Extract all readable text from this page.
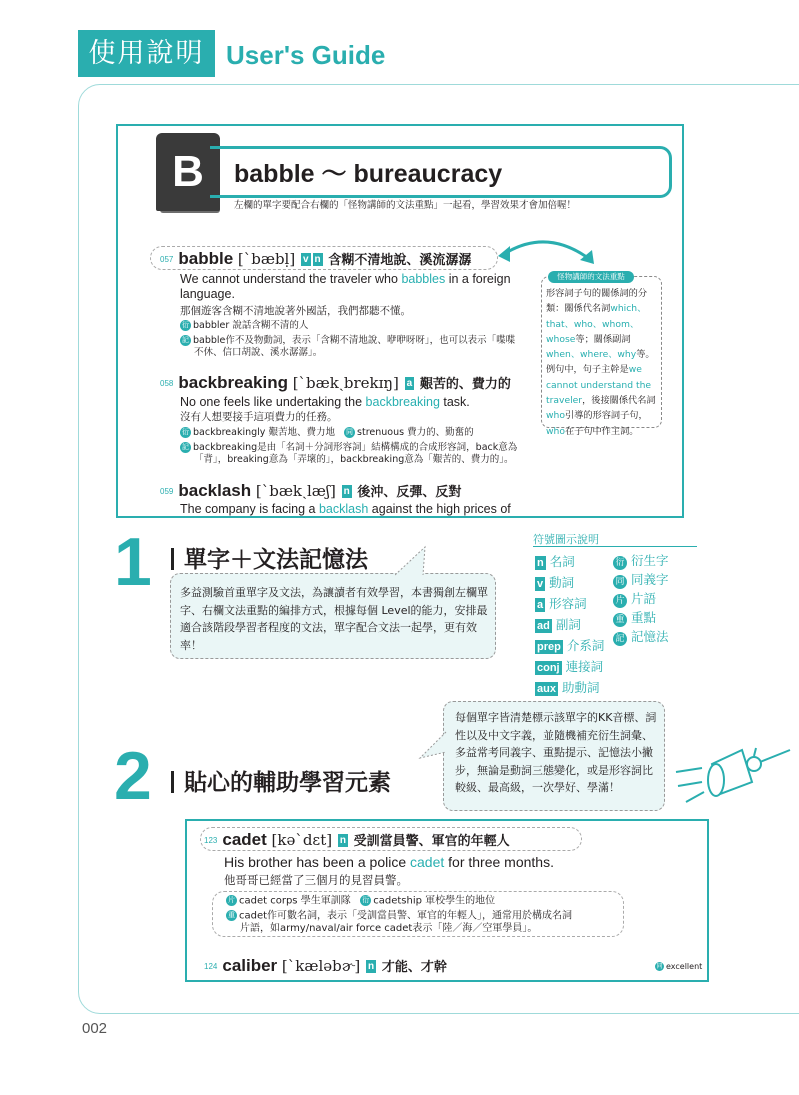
使用說明 User's Guide
B	babble ～ bureaucracy
左欄的單字要配合右欄的「怪物講師的文法重點」一起看，學習效果才會加倍喔！
057 babble [ˋbæbḷ] v n 含糊不清地說、溪流潺潺
We cannot understand the traveler who babbles in a foreign
language.
那個遊客含糊不清地說著外國話，我們都聽不懂。
衍 babbler 說話含糊不清的人
記 babble作不及物動詞，表示「含糊不清地說、咿咿呀呀」，也可以表示「喋喋
不休、信口胡說、溪水潺潺」。
058 backbreaking [ˋbækˏbrekɪŋ] a 艱苦的、費力的
No one feels like undertaking the backbreaking task.
沒有人想要接手這項費力的任務。
衍 backbreakingly 艱苦地、費力地 同 strenuous 費力的、勤奮的
記 backbreaking是由「名詞＋分詞形容詞」結構構成的合成形容詞，back意為
「背」，breaking意為「弄壞的」，backbreaking意為「艱苦的、費力的」。
059 backlash [ˋbækˏlæʃ] n 後沖、反彈、反對
The company is facing a backlash against the high prices of
怪物講師的文法重點
形容詞子句的關係詞的分
類：關係代名詞which、
that、who、whom、
whose等；關係副詞
when、where、why等。
例句中，句子主幹是we
cannot understand the
traveler，後接關係代名詞
who引導的形容詞子句，
who在子句中作主詞。
1	單字＋文法記憶法
多益測驗首重單字及文法，為讓讀者有效學習，本書獨創左欄單字、右欄文法重點的編排方式，根據每個 Level的能力，安排最適合該階段學習者程度的文法，單字配合文法一起學，更有效率！
符號圖示說明
n 名詞
v 動詞
a 形容詞
ad 副詞
prep 介系詞
conj 連接詞
aux 助動詞
衍 衍生字
同 同義字
片 片語
重 重點
記 記憶法
2	貼心的輔助學習元素
每個單字皆清楚標示該單字的KK音標、詞性以及中文字義，並隨機補充衍生詞彙、多益常考同義字、重點提示、記憶法小撇步，無論是動詞三態變化，或是形容詞比較級、最高級，一次學好、學滿！
123 cadet [kəˋdɛt] n 受訓當員警、軍官的年輕人
His brother has been a police cadet for three months.
他哥哥已經當了三個月的見習員警。
片 cadet corps 學生軍訓隊 衍 cadetship 軍校學生的地位
重 cadet作可數名詞，表示「受訓當員警、軍官的年輕人」，通常用於構成名詞
片語，如army/naval/air force cadet表示「陸／海／空軍學員」。
124 caliber [ˋkæləbɚ] n 才能、才幹	同 excellent
002
